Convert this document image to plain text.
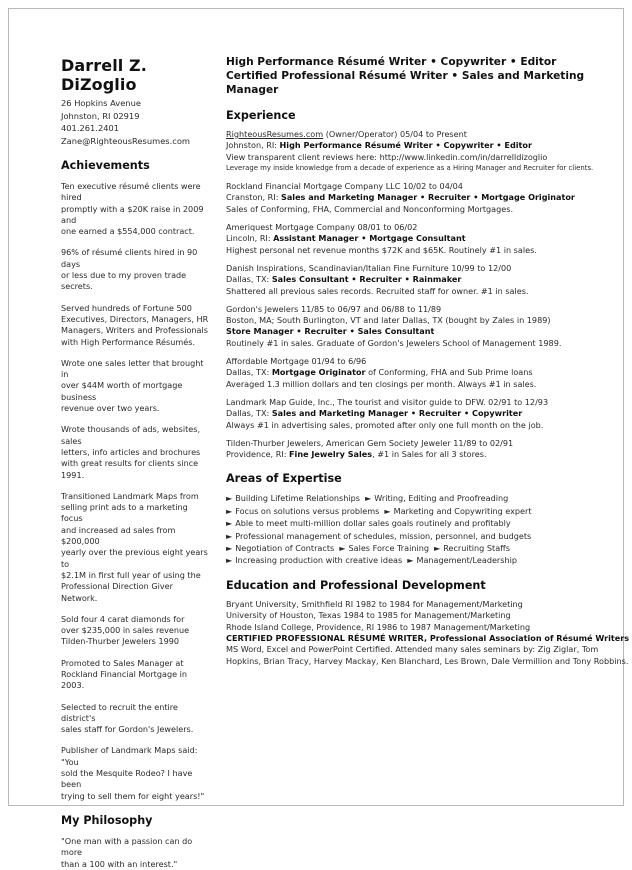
Darrell Z. DiZoglio
26 Hopkins Avenue
Johnston, RI 02919
401.261.2401
Zane@RighteousResumes.com
Achievements
Ten executive résumé clients were hired
promptly with a $20K raise in 2009 and
one earned a $554,000 contract.
96% of résumé clients hired in 90 days
or less due to my proven trade secrets.
Served hundreds of Fortune 500
Executives, Directors, Managers, HR
Managers, Writers and Professionals
with High Performance Résumés.
Wrote one sales letter that brought in
over $44M worth of mortgage business
revenue over two years.
Wrote thousands of ads, websites, sales
letters, info articles and brochures
with great results for clients since 1991.
Transitioned Landmark Maps from
selling print ads to a marketing focus
and increased ad sales from $200,000
yearly over the previous eight years to
$2.1M in first full year of using the
Professional Direction Giver Network.
Sold four 4 carat diamonds for
over $235,000 in sales revenue
Tilden-Thurber Jewelers 1990
Promoted to Sales Manager at
Rockland Financial Mortgage in 2003.
Selected to recruit the entire district's
sales staff for Gordon's Jewelers.
Publisher of Landmark Maps said: "You
sold the Mesquite Rodeo? I have been
trying to sell them for eight years!"
My Philosophy
"One man with a passion can do more
than a 100 with an interest."
High Performance Résumé Writer • Copywriter • Editor
Certified Professional Résumé Writer • Sales and Marketing Manager
Experience
RighteousResumes.com (Owner/Operator) 05/04 to Present
Johnston, RI: High Performance Résumé Writer • Copywriter • Editor
View transparent client reviews here: http://www.linkedin.com/in/darrelldizoglio
Leverage my inside knowledge from a decade of experience as a Hiring Manager and Recruiter for clients.
Rockland Financial Mortgage Company LLC 10/02 to 04/04
Cranston, RI: Sales and Marketing Manager • Recruiter • Mortgage Originator
Sales of Conforming, FHA, Commercial and Nonconforming Mortgages.
Ameriquest Mortgage Company 08/01 to 06/02
Lincoln, RI: Assistant Manager • Mortgage Consultant
Highest personal net revenue months $72K and $65K. Routinely #1 in sales.
Danish Inspirations, Scandinavian/Italian Fine Furniture 10/99 to 12/00
Dallas, TX: Sales Consultant • Recruiter • Rainmaker
Shattered all previous sales records. Recruited staff for owner. #1 in sales.
Gordon's Jewelers 11/85 to 06/97 and 06/88 to 11/89
Boston, MA; South Burlington, VT and later Dallas, TX (bought by Zales in 1989)
Store Manager • Recruiter • Sales Consultant
Routinely #1 in sales. Graduate of Gordon's Jewelers School of Management 1989.
Affordable Mortgage 01/94 to 6/96
Dallas, TX: Mortgage Originator of Conforming, FHA and Sub Prime loans
Averaged 1.3 million dollars and ten closings per month. Always #1 in sales.
Landmark Map Guide, Inc., The tourist and visitor guide to DFW. 02/91 to 12/93
Dallas, TX: Sales and Marketing Manager • Recruiter • Copywriter
Always #1 in advertising sales, promoted after only one full month on the job.
Tilden-Thurber Jewelers, American Gem Society Jeweler 11/89 to 02/91
Providence, RI: Fine Jewelry Sales, #1 in Sales for all 3 stores.
Areas of Expertise
► Building Lifetime Relationships ► Writing, Editing and Proofreading
► Focus on solutions versus problems ► Marketing and Copywriting expert
► Able to meet multi-million dollar sales goals routinely and profitably
► Professional management of schedules, mission, personnel, and budgets
► Negotiation of Contracts ► Sales Force Training ► Recruiting Staffs
► Increasing production with creative ideas ► Management/Leadership
Education and Professional Development
Bryant University, Smithfield RI 1982 to 1984 for Management/Marketing
University of Houston, Texas 1984 to 1985 for Management/Marketing
Rhode Island College, Providence, RI 1986 to 1987 Management/Marketing
CERTIFIED PROFESSIONAL RÉSUMÉ WRITER, Professional Association of Résumé Writers
MS Word, Excel and PowerPoint Certified. Attended many sales seminars by: Zig Ziglar, Tom
Hopkins, Brian Tracy, Harvey Mackay, Ken Blanchard, Les Brown, Dale Vermillion and Tony Robbins.
